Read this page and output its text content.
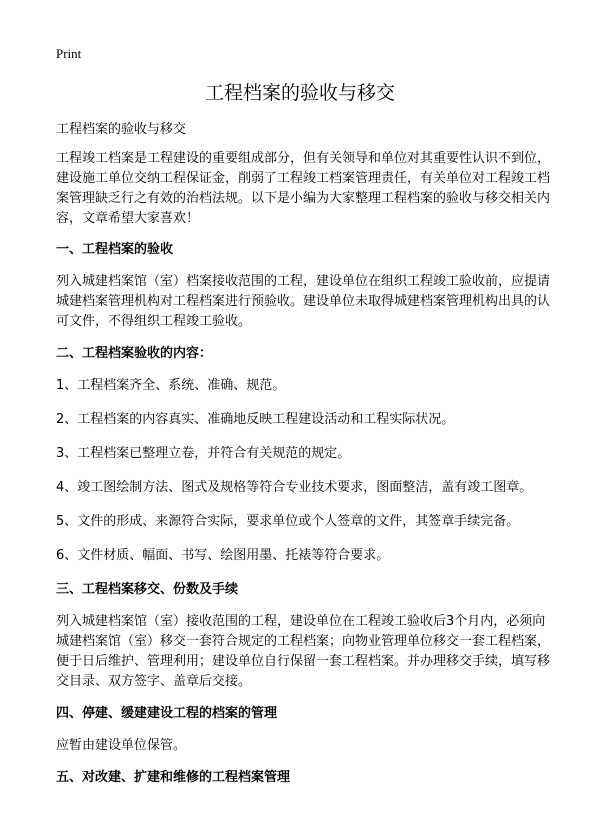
Print
工程档案的验收与移交
工程档案的验收与移交

工程竣工档案是工程建设的重要组成部分，但有关领导和单位对其重要性认识不到位，建设施工单位交纳工程保证金，削弱了工程竣工档案管理责任，有关单位对工程竣工档案管理缺乏行之有效的治档法规。以下是小编为大家整理工程档案的验收与移交相关内容，文章希望大家喜欢！

一、工程档案的验收

列入城建档案馆（室）档案接收范围的工程，建设单位在组织工程竣工验收前，应提请城建档案管理机构对工程档案进行预验收。建设单位未取得城建档案管理机构出具的认可文件，不得组织工程竣工验收。

二、工程档案验收的内容：

1、工程档案齐全、系统、准确、规范。

2、工程档案的内容真实、准确地反映工程建设活动和工程实际状况。

3、工程档案已整理立卷，并符合有关规范的规定。

4、竣工图绘制方法、图式及规格等符合专业技术要求，图面整洁，盖有竣工图章。

5、文件的形成、来源符合实际，要求单位或个人签章的文件，其签章手续完备。

6、文件材质、幅面、书写、绘图用墨、托裱等符合要求。

三、工程档案移交、份数及手续

列入城建档案馆（室）接收范围的工程，建设单位在工程竣工验收后3个月内，必须向城建档案馆（室）移交一套符合规定的工程档案；向物业管理单位移交一套工程档案，便于日后维护、管理利用；建设单位自行保留一套工程档案。并办理移交手续，填写移交目录、双方签字、盖章后交接。

四、停建、缓建建设工程的档案的管理

应暂由建设单位保管。

五、对改建、扩建和维修的工程档案管理
